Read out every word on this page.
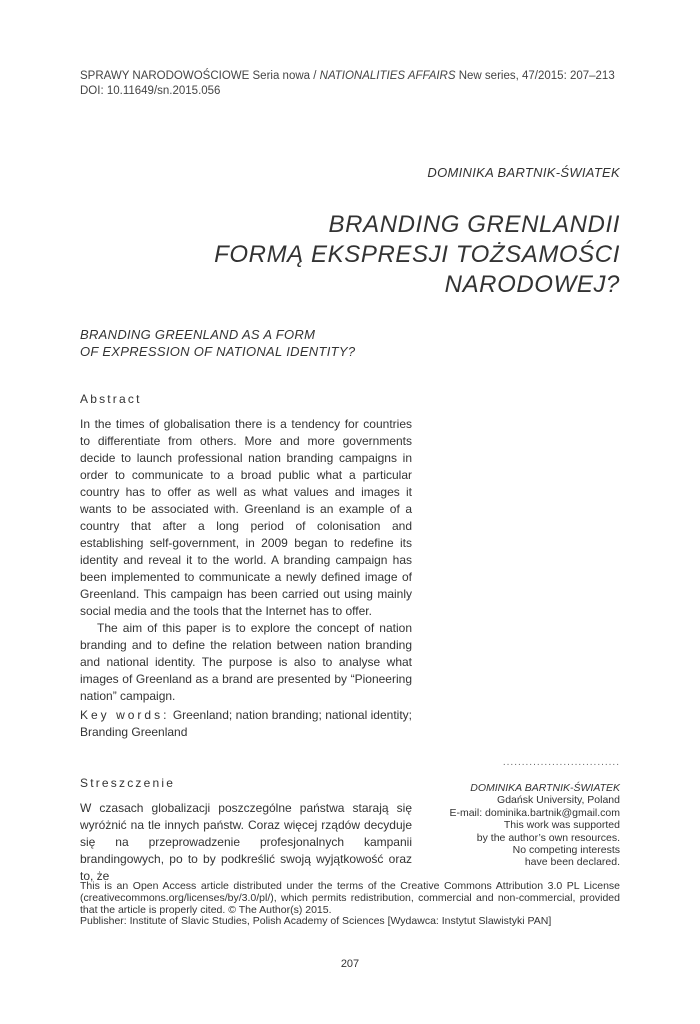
SPRAWY NARODOWOŚCIOWE Seria nowa / NATIONALITIES AFFAIRS New series, 47/2015: 207–213
DOI: 10.11649/sn.2015.056
DOMINIKA BARTNIK-ŚWIATEK
BRANDING GRENLANDII
FORMĄ EKSPRESJI TOŻSAMOŚCI NARODOWEJ?
BRANDING GREENLAND AS A FORM
OF EXPRESSION OF NATIONAL IDENTITY?
Abstract

In the times of globalisation there is a tendency for countries to differentiate from others. More and more governments decide to launch professional nation branding campaigns in order to communicate to a broad public what a particular country has to offer as well as what values and images it wants to be associated with. Greenland is an example of a country that after a long period of colonisation and establishing self-government, in 2009 began to redefine its identity and reveal it to the world. A branding campaign has been implemented to communicate a newly defined image of Greenland. This campaign has been carried out using mainly social media and the tools that the Internet has to offer.

The aim of this paper is to explore the concept of nation branding and to define the relation between nation branding and national identity. The purpose is also to analyse what images of Greenland as a brand are presented by “Pioneering nation” campaign.

Key words: Greenland; nation branding; national identity; Branding Greenland
Streszczenie
W czasach globalizacji poszczególne państwa starają się wyróżnić na tle innych państw. Coraz więcej rządów decyduje się na przeprowadzenie profesjonalnych kampanii brandingowych, po to by podkreślić swoją wyjątkowość oraz to, że
...............................
DOMINIKA BARTNIK-ŚWIATEK
Gdańsk University, Poland
E-mail: dominika.bartnik@gmail.com
This work was supported
by the author’s own resources.
No competing interests
have been declared.

This is an Open Access article distributed under the terms of the Creative Commons Attribution 3.0 PL License (creativecommons.org/licenses/by/3.0/pl/), which permits redistribution, commercial and non-commercial, provided that the article is properly cited. © The Author(s) 2015.

Publisher: Institute of Slavic Studies, Polish Academy of Sciences [Wydawca: Instytut Slawistyki PAN]

207
